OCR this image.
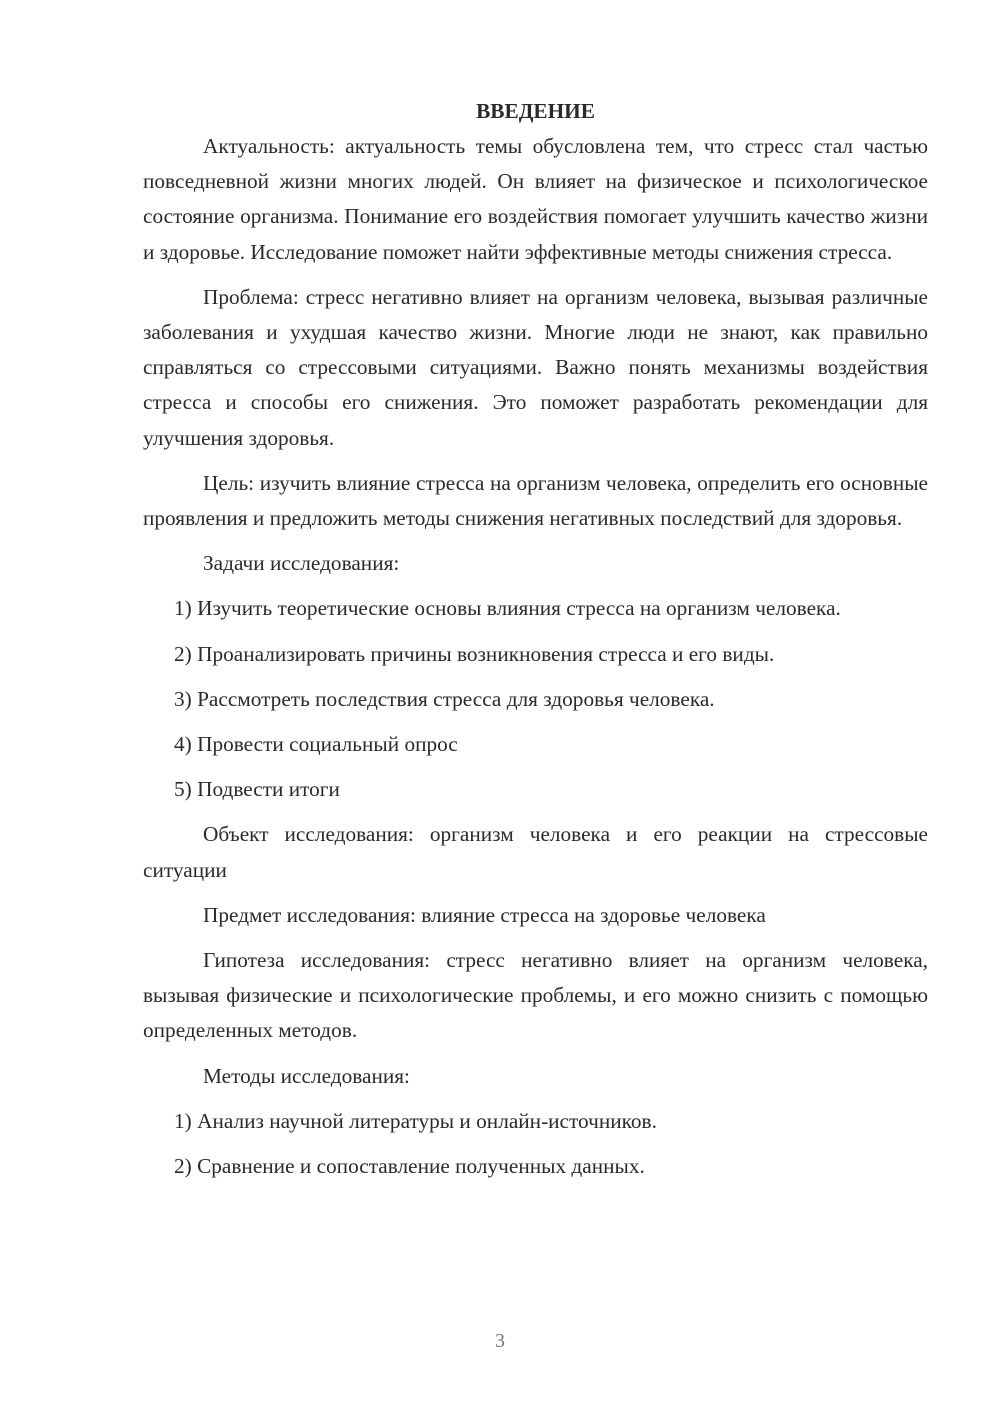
ВВЕДЕНИЕ

Актуальность: актуальность темы обусловлена тем, что стресс стал частью повседневной жизни многих людей. Он влияет на физическое и психологическое состояние организма. Понимание его воздействия помогает улучшить качество жизни и здоровье. Исследование поможет найти эффективные методы снижения стресса.

Проблема: стресс негативно влияет на организм человека, вызывая различные заболевания и ухудшая качество жизни. Многие люди не знают, как правильно справляться со стрессовыми ситуациями. Важно понять механизмы воздействия стресса и способы его снижения. Это поможет разработать рекомендации для улучшения здоровья.

Цель: изучить влияние стресса на организм человека, определить его основные проявления и предложить методы снижения негативных последствий для здоровья.

Задачи исследования:

1) Изучить теоретические основы влияния стресса на организм человека.

2) Проанализировать причины возникновения стресса и его виды.

3) Рассмотреть последствия стресса для здоровья человека.

4) Провести социальный опрос

5) Подвести итоги

Объект исследования: организм человека и его реакции на стрессовые ситуации

Предмет исследования: влияние стресса на здоровье человека

Гипотеза исследования: стресс негативно влияет на организм человека, вызывая физические и психологические проблемы, и его можно снизить с помощью определенных методов.

Методы исследования:

1) Анализ научной литературы и онлайн-источников.

2) Сравнение и сопоставление полученных данных.

3
